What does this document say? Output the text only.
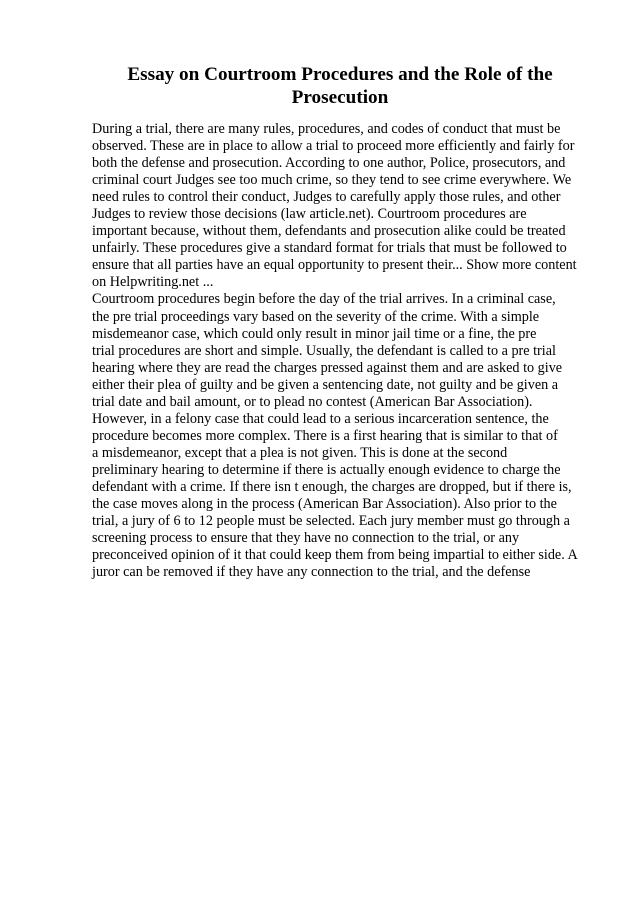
Essay on Courtroom Procedures and the Role of the
Prosecution
During a trial, there are many rules, procedures, and codes of conduct that must be
observed. These are in place to allow a trial to proceed more efficiently and fairly for
both the defense and prosecution. According to one author, Police, prosecutors, and
criminal court Judges see too much crime, so they tend to see crime everywhere. We
need rules to control their conduct, Judges to carefully apply those rules, and other
Judges to review those decisions (law article.net). Courtroom procedures are
important because, without them, defendants and prosecution alike could be treated
unfairly. These procedures give a standard format for trials that must be followed to
ensure that all parties have an equal opportunity to present their... Show more content
on Helpwriting.net ...
Courtroom procedures begin before the day of the trial arrives. In a criminal case,
the pre trial proceedings vary based on the severity of the crime. With a simple
misdemeanor case, which could only result in minor jail time or a fine, the pre
trial procedures are short and simple. Usually, the defendant is called to a pre trial
hearing where they are read the charges pressed against them and are asked to give
either their plea of guilty and be given a sentencing date, not guilty and be given a
trial date and bail amount, or to plead no contest (American Bar Association).
However, in a felony case that could lead to a serious incarceration sentence, the
procedure becomes more complex. There is a first hearing that is similar to that of
a misdemeanor, except that a plea is not given. This is done at the second
preliminary hearing to determine if there is actually enough evidence to charge the
defendant with a crime. If there isn t enough, the charges are dropped, but if there is,
the case moves along in the process (American Bar Association). Also prior to the
trial, a jury of 6 to 12 people must be selected. Each jury member must go through a
screening process to ensure that they have no connection to the trial, or any
preconceived opinion of it that could keep them from being impartial to either side. A
juror can be removed if they have any connection to the trial, and the defense
